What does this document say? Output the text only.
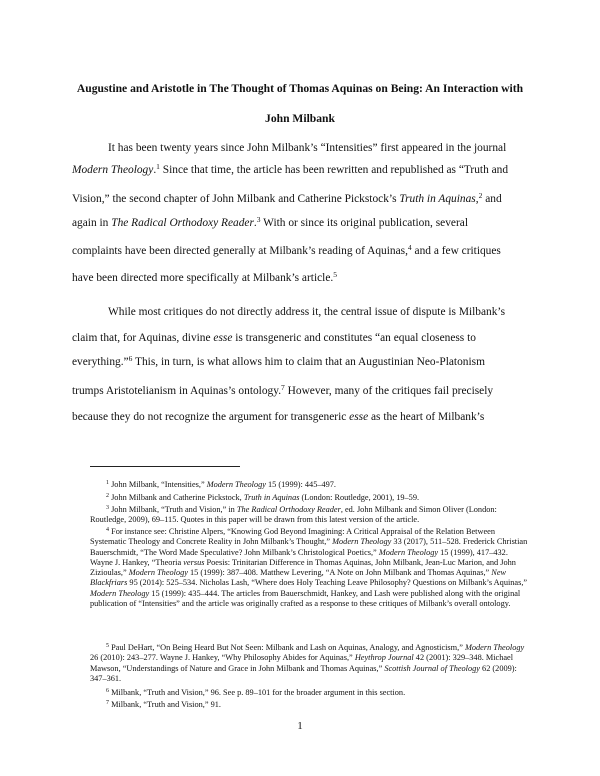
Augustine and Aristotle in The Thought of Thomas Aquinas on Being: An Interaction with
John Milbank
It has been twenty years since John Milbank’s “Intensities” first appeared in the journal
Modern Theology.$^1$ Since that time, the article has been rewritten and republished as “Truth and
Vision,” the second chapter of John Milbank and Catherine Pickstock’s Truth in Aquinas,$^2$ and
again in The Radical Orthodoxy Reader.$^3$ With or since its original publication, several
complaints have been directed generally at Milbank’s reading of Aquinas,$^4$ and a few critiques
have been directed more specifically at Milbank’s article.$^5$
While most critiques do not directly address it, the central issue of dispute is Milbank’s
claim that, for Aquinas, divine esse is transgeneric and constitutes “an equal closeness to
everything.”$^6$ This, in turn, is what allows him to claim that an Augustinian Neo-Platonism
trumps Aristotelianism in Aquinas’s ontology.$^7$ However, many of the critiques fail precisely
because they do not recognize the argument for transgeneric esse as the heart of Milbank’s
$^1$ John Milbank, “Intensities,” Modern Theology 15 (1999): 445–497.
$^2$ John Milbank and Catherine Pickstock, Truth in Aquinas (London: Routledge, 2001), 19–59.
$^3$ John Milbank, “Truth and Vision,” in The Radical Orthodoxy Reader, ed. John Milbank and Simon Oliver (London: Routledge, 2009), 69–115. Quotes in this paper will be drawn from this latest version of the article.
$^4$ For instance see: Christine Alpers, “Knowing God Beyond Imagining: A Critical Appraisal of the Relation Between Systematic Theology and Concrete Reality in John Milbank’s Thought,” Modern Theology 33 (2017), 511–528. Frederick Christian Bauerschmidt, “The Word Made Speculative? John Milbank’s Christological Poetics,” Modern Theology 15 (1999), 417–432. Wayne J. Hankey, “Theoria versus Poesis: Trinitarian Difference in Thomas Aquinas, John Milbank, Jean-Luc Marion, and John Zizioulas,” Modern Theology 15 (1999): 387–408. Matthew Levering, “A Note on John Milbank and Thomas Aquinas,” New Blackfriars 95 (2014): 525–534. Nicholas Lash, “Where does Holy Teaching Leave Philosophy? Questions on Milbank’s Aquinas,” Modern Theology 15 (1999): 435–444. The articles from Bauerschmidt, Hankey, and Lash were published along with the original publication of “Intensities” and the article was originally crafted as a response to these critiques of Milbank’s overall ontology.
$^5$ Paul DeHart, “On Being Heard But Not Seen: Milbank and Lash on Aquinas, Analogy, and Agnosticism,” Modern Theology 26 (2010): 243–277. Wayne J. Hankey, “Why Philosophy Abides for Aquinas,” Heythrop Journal 42 (2001): 329–348. Michael Mawson, “Understandings of Nature and Grace in John Milbank and Thomas Aquinas,” Scottish Journal of Theology 62 (2009): 347–361.
$^6$ Milbank, “Truth and Vision,” 96. See p. 89–101 for the broader argument in this section.
$^7$ Milbank, “Truth and Vision,” 91.
1
